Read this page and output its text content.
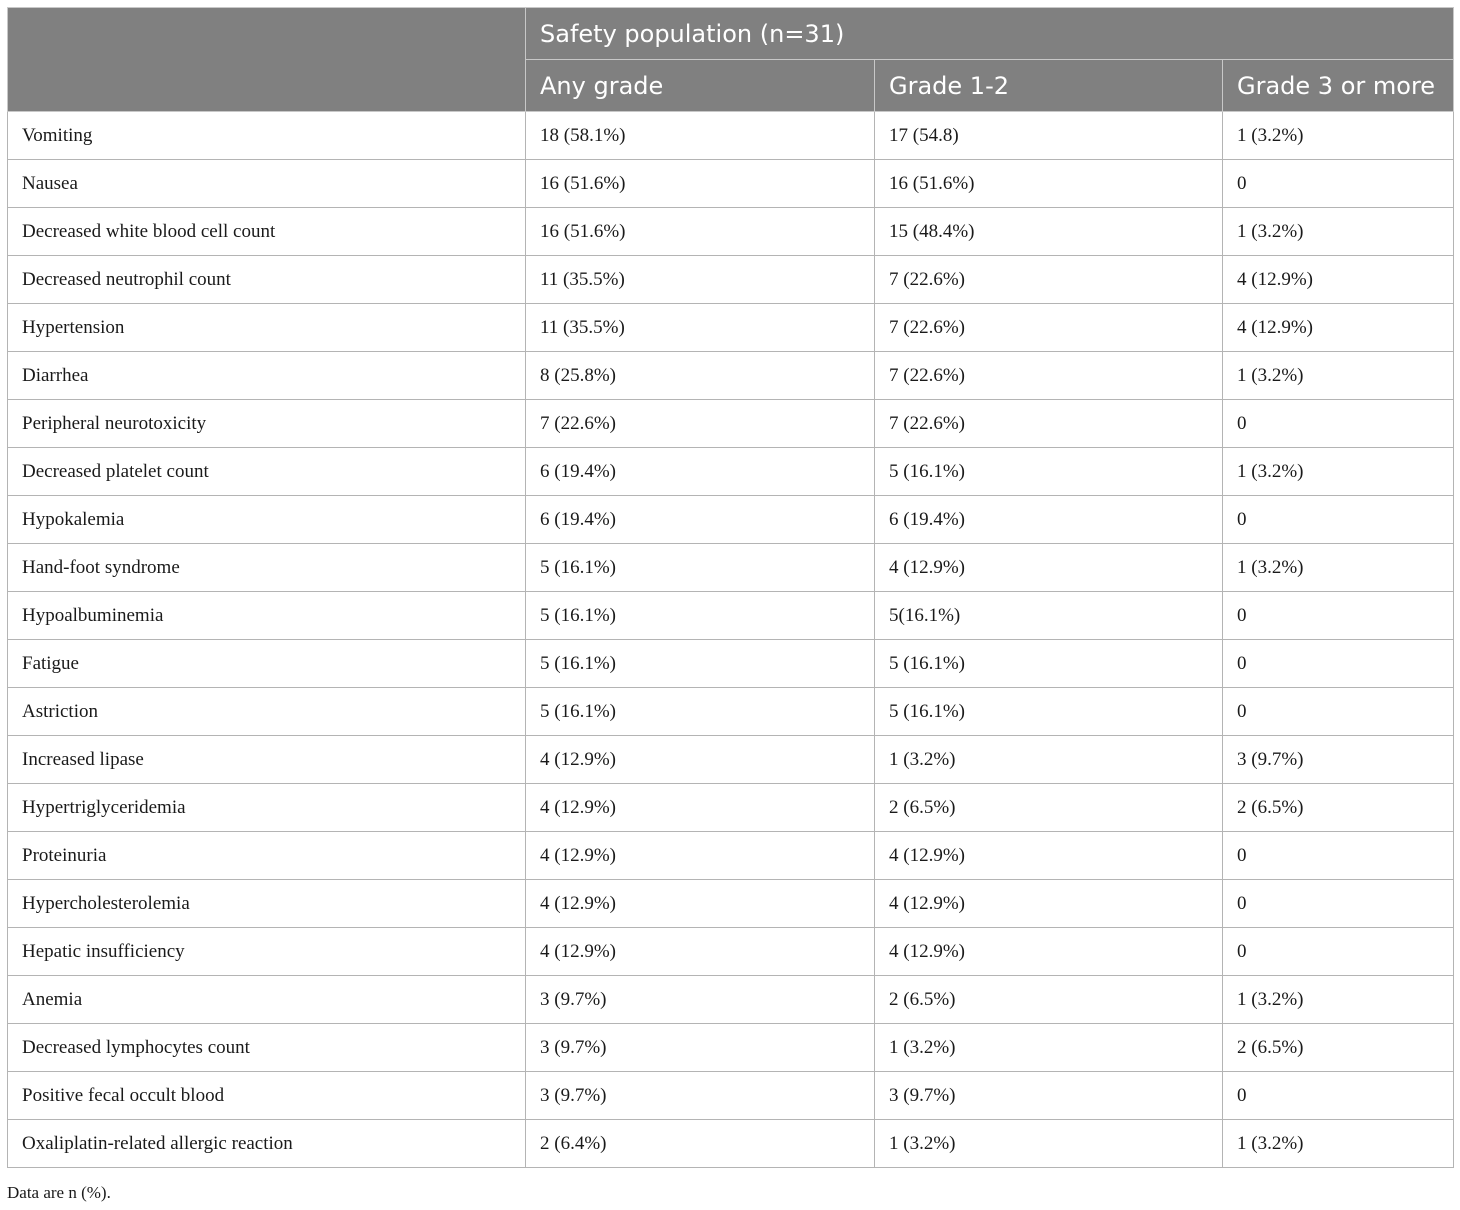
	Safety population (n=31)		
	Any grade	Grade 1-2	Grade 3 or more
Vomiting	18 (58.1%)	17 (54.8)	1 (3.2%)
Nausea	16 (51.6%)	16 (51.6%)	0
Decreased white blood cell count	16 (51.6%)	15 (48.4%)	1 (3.2%)
Decreased neutrophil count	11 (35.5%)	7 (22.6%)	4 (12.9%)
Hypertension	11 (35.5%)	7 (22.6%)	4 (12.9%)
Diarrhea	8 (25.8%)	7 (22.6%)	1 (3.2%)
Peripheral neurotoxicity	7 (22.6%)	7 (22.6%)	0
Decreased platelet count	6 (19.4%)	5 (16.1%)	1 (3.2%)
Hypokalemia	6 (19.4%)	6 (19.4%)	0
Hand-foot syndrome	5 (16.1%)	4 (12.9%)	1 (3.2%)
Hypoalbuminemia	5 (16.1%)	5(16.1%)	0
Fatigue	5 (16.1%)	5 (16.1%)	0
Astriction	5 (16.1%)	5 (16.1%)	0
Increased lipase	4 (12.9%)	1 (3.2%)	3 (9.7%)
Hypertriglyceridemia	4 (12.9%)	2 (6.5%)	2 (6.5%)
Proteinuria	4 (12.9%)	4 (12.9%)	0
Hypercholesterolemia	4 (12.9%)	4 (12.9%)	0
Hepatic insufficiency	4 (12.9%)	4 (12.9%)	0
Anemia	3 (9.7%)	2 (6.5%)	1 (3.2%)
Decreased lymphocytes count	3 (9.7%)	1 (3.2%)	2 (6.5%)
Positive fecal occult blood	3 (9.7%)	3 (9.7%)	0
Oxaliplatin-related allergic reaction	2 (6.4%)	1 (3.2%)	1 (3.2%)
Data are n (%).
